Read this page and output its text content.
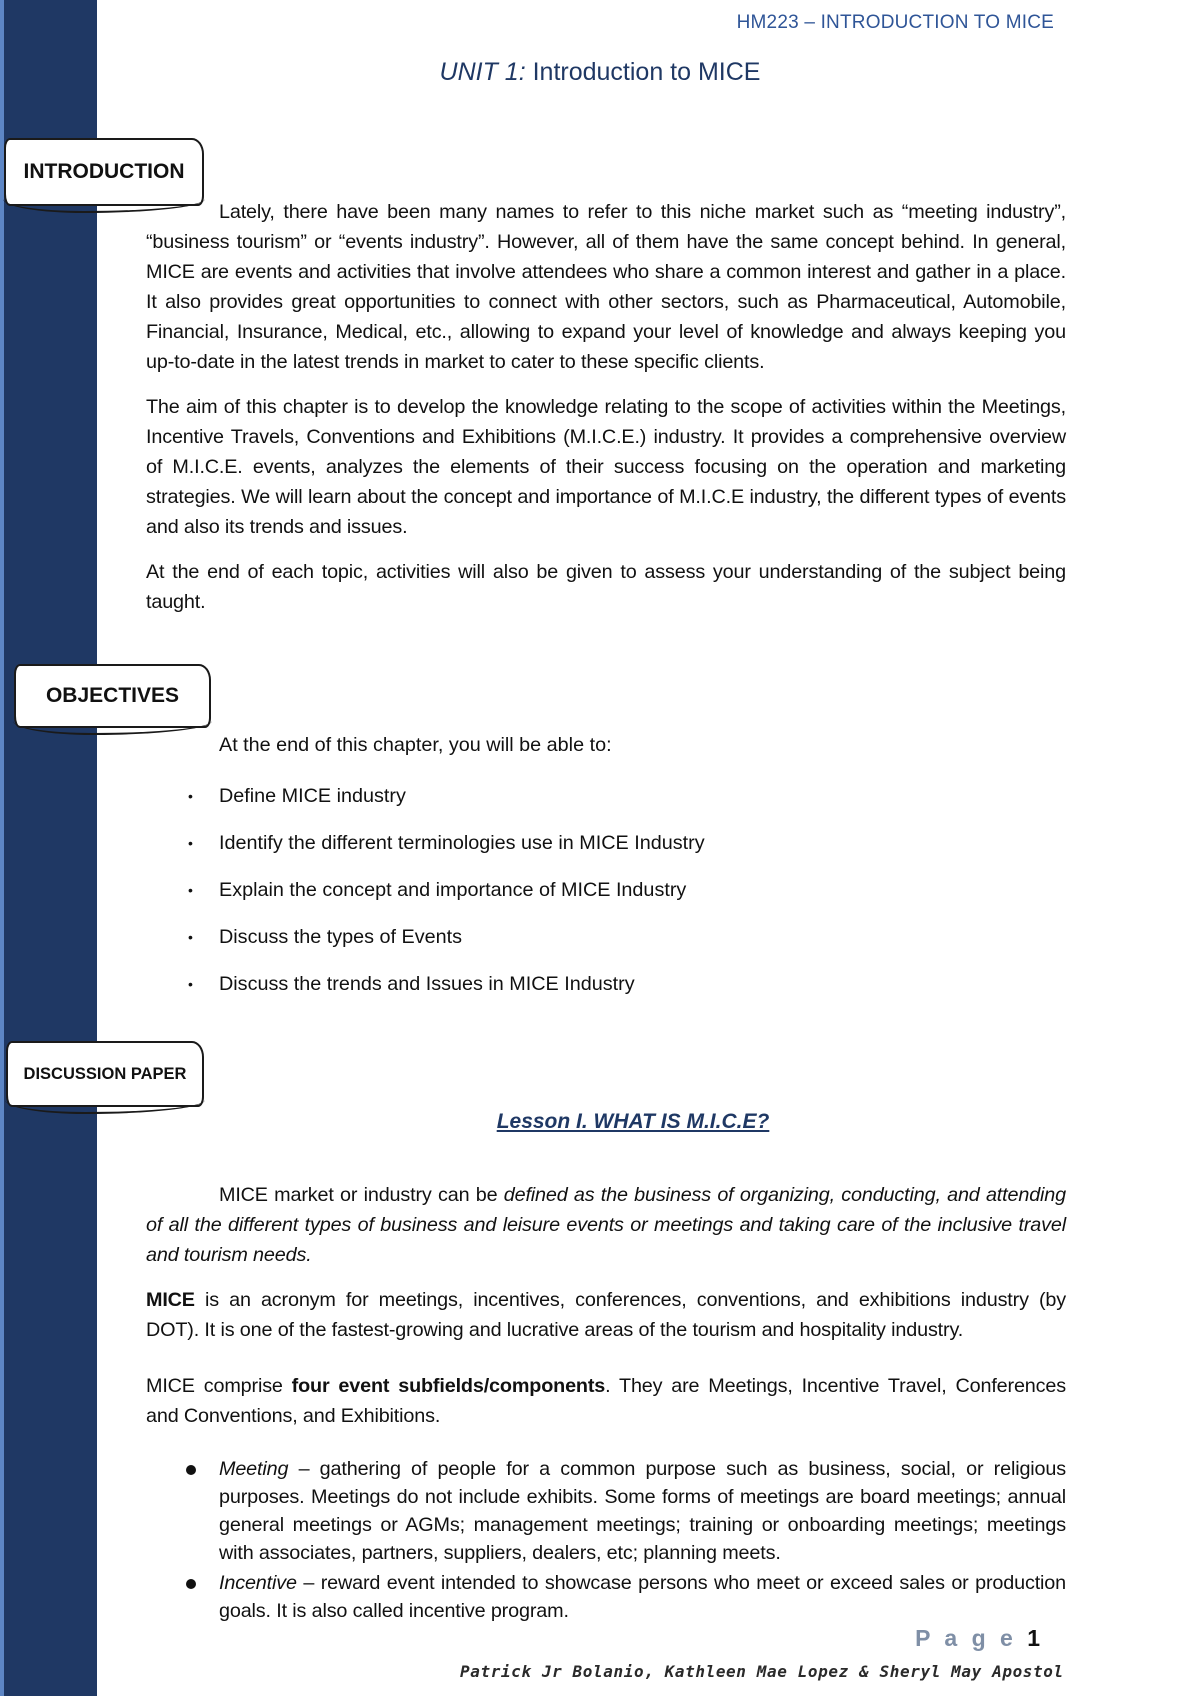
HM223 – INTRODUCTION TO MICE
UNIT 1: Introduction to MICE
INTRODUCTION

Lately, there have been many names to refer to this niche market such as “meeting industry”, “business tourism” or “events industry”. However, all of them have the same concept behind. In general, MICE are events and activities that involve attendees who share a common interest and gather in a place. It also provides great opportunities to connect with other sectors, such as Pharmaceutical, Automobile, Financial, Insurance, Medical, etc., allowing to expand your level of knowledge and always keeping you up-to-date in the latest trends in market to cater to these specific clients.

The aim of this chapter is to develop the knowledge relating to the scope of activities within the Meetings, Incentive Travels, Conventions and Exhibitions (M.I.C.E.) industry. It provides a comprehensive overview of M.I.C.E. events, analyzes the elements of their success focusing on the operation and marketing strategies. We will learn about the concept and importance of M.I.C.E industry, the different types of events and also its trends and issues.

At the end of each topic, activities will also be given to assess your understanding of the subject being taught.

OBJECTIVES
At the end of this chapter, you will be able to:
• Define MICE industry
• Identify the different terminologies use in MICE Industry
• Explain the concept and importance of MICE Industry
• Discuss the types of Events
• Discuss the trends and Issues in MICE Industry
DISCUSSION PAPER
Lesson I. WHAT IS M.I.C.E?

MICE market or industry can be defined as the business of organizing, conducting, and attending of all the different types of business and leisure events or meetings and taking care of the inclusive travel and tourism needs.

MICE is an acronym for meetings, incentives, conferences, conventions, and exhibitions industry (by DOT). It is one of the fastest-growing and lucrative areas of the tourism and hospitality industry.

MICE comprise four event subfields/components. They are Meetings, Incentive Travel, Conferences and Conventions, and Exhibitions.

Meeting – gathering of people for a common purpose such as business, social, or religious purposes. Meetings do not include exhibits. Some forms of meetings are board meetings; annual general meetings or AGMs; management meetings; training or onboarding meetings; meetings with associates, partners, suppliers, dealers, etc; planning meets.
Incentive – reward event intended to showcase persons who meet or exceed sales or production goals. It is also called incentive program.
P a g e 1
Patrick Jr Bolanio, Kathleen Mae Lopez & Sheryl May Apostol
